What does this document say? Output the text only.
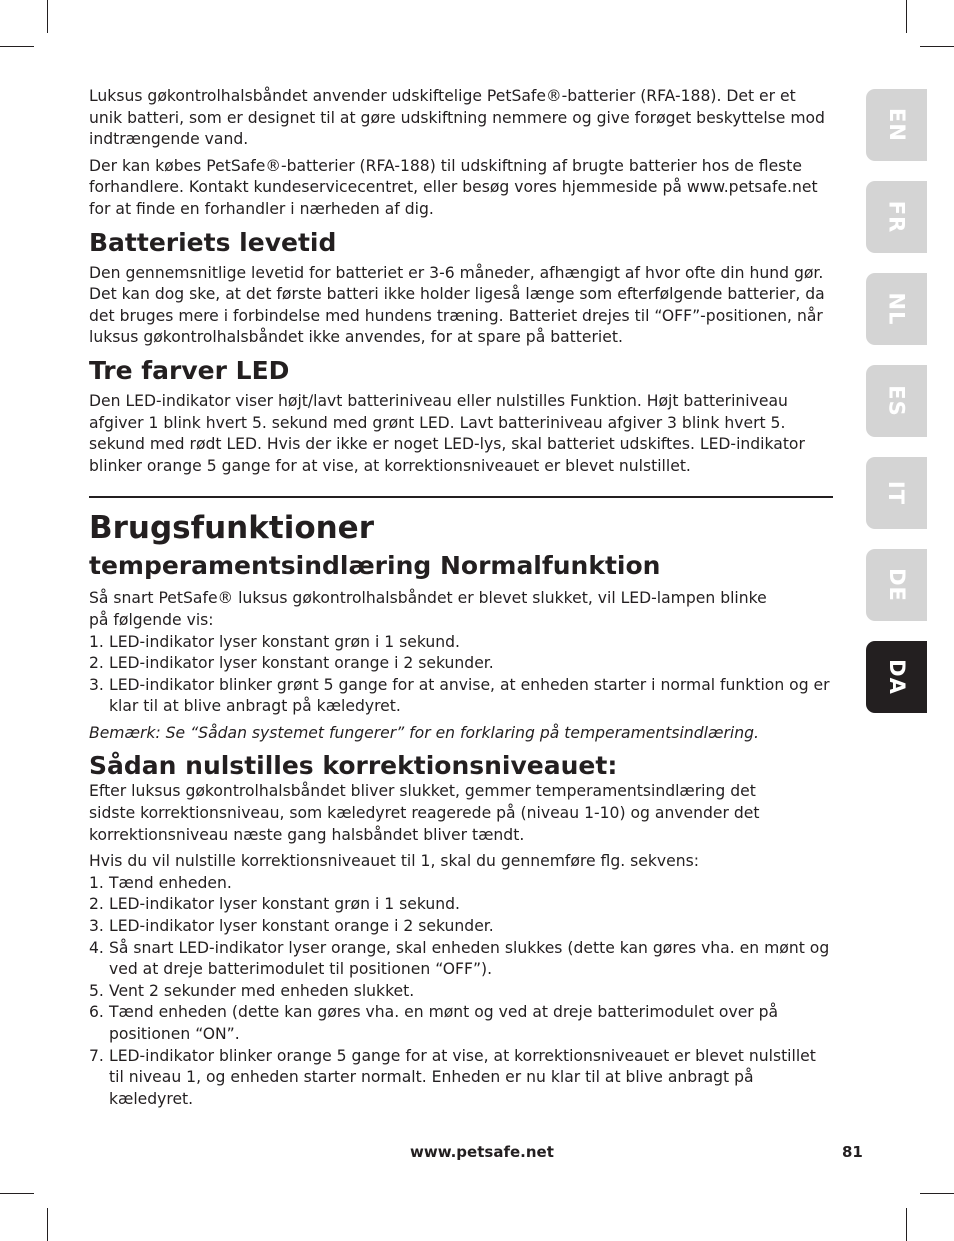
EN
FR
NL
ES
IT
DE
DA

Luksus gøkontrolhalsbåndet anvender udskiftelige PetSafe®-batterier (RFA-188). Det er et unik batteri, som er designet til at gøre udskiftning nemmere og give forøget beskyttelse mod indtrængende vand.

Der kan købes PetSafe®-batterier (RFA-188) til udskiftning af brugte batterier hos de fleste forhandlere. Kontakt kundeservicecentret, eller besøg vores hjemmeside på www.petsafe.net for at finde en forhandler i nærheden af dig.

Batteriets levetid

Den gennemsnitlige levetid for batteriet er 3-6 måneder, afhængigt af hvor ofte din hund gør. Det kan dog ske, at det første batteri ikke holder ligeså længe som efterfølgende batterier, da det bruges mere i forbindelse med hundens træning. Batteriet drejes til “OFF”-positionen, når luksus gøkontrolhalsbåndet ikke anvendes, for at spare på batteriet.

Tre farver LED

Den LED-indikator viser højt/lavt batteriniveau eller nulstilles Funktion. Højt batteriniveau afgiver 1 blink hvert 5. sekund med grønt LED. Lavt batteriniveau afgiver 3 blink hvert 5. sekund med rødt LED. Hvis der ikke er noget LED-lys, skal batteriet udskiftes. LED-indikator blinker orange 5 gange for at vise, at korrektionsniveauet er blevet nulstillet.

Brugsfunktioner
temperamentsindlæring Normalfunktion

Så snart PetSafe® luksus gøkontrolhalsbåndet er blevet slukket, vil LED-lampen blinke på følgende vis:

1. LED-indikator lyser konstant grøn i 1 sekund.
2. LED-indikator lyser konstant orange i 2 sekunder.
3. LED-indikator blinker grønt 5 gange for at anvise, at enheden starter i normal funktion og er klar til at blive anbragt på kæledyret.

Bemærk: Se “Sådan systemet fungerer” for en forklaring på temperamentsindlæring.

Sådan nulstilles korrektionsniveauet:

Efter luksus gøkontrolhalsbåndet bliver slukket, gemmer temperamentsindlæring det
sidste korrektionsniveau, som kæledyret reagerede på (niveau 1-10) og anvender det korrektionsniveau næste gang halsbåndet bliver tændt.

Hvis du vil nulstille korrektionsniveauet til 1, skal du gennemføre flg. sekvens:

1. Tænd enheden.
2. LED-indikator lyser konstant grøn i 1 sekund.
3. LED-indikator lyser konstant orange i 2 sekunder.
4. Så snart LED-indikator lyser orange, skal enheden slukkes (dette kan gøres vha. en mønt og ved at dreje batterimodulet til positionen “OFF”).
5. Vent 2 sekunder med enheden slukket.
6. Tænd enheden (dette kan gøres vha. en mønt og ved at dreje batterimodulet over på positionen “ON”.
7. LED-indikator blinker orange 5 gange for at vise, at korrektionsniveauet er blevet nulstillet til niveau 1, og enheden starter normalt. Enheden er nu klar til at blive anbragt på kæledyret.
www.petsafe.net	81
